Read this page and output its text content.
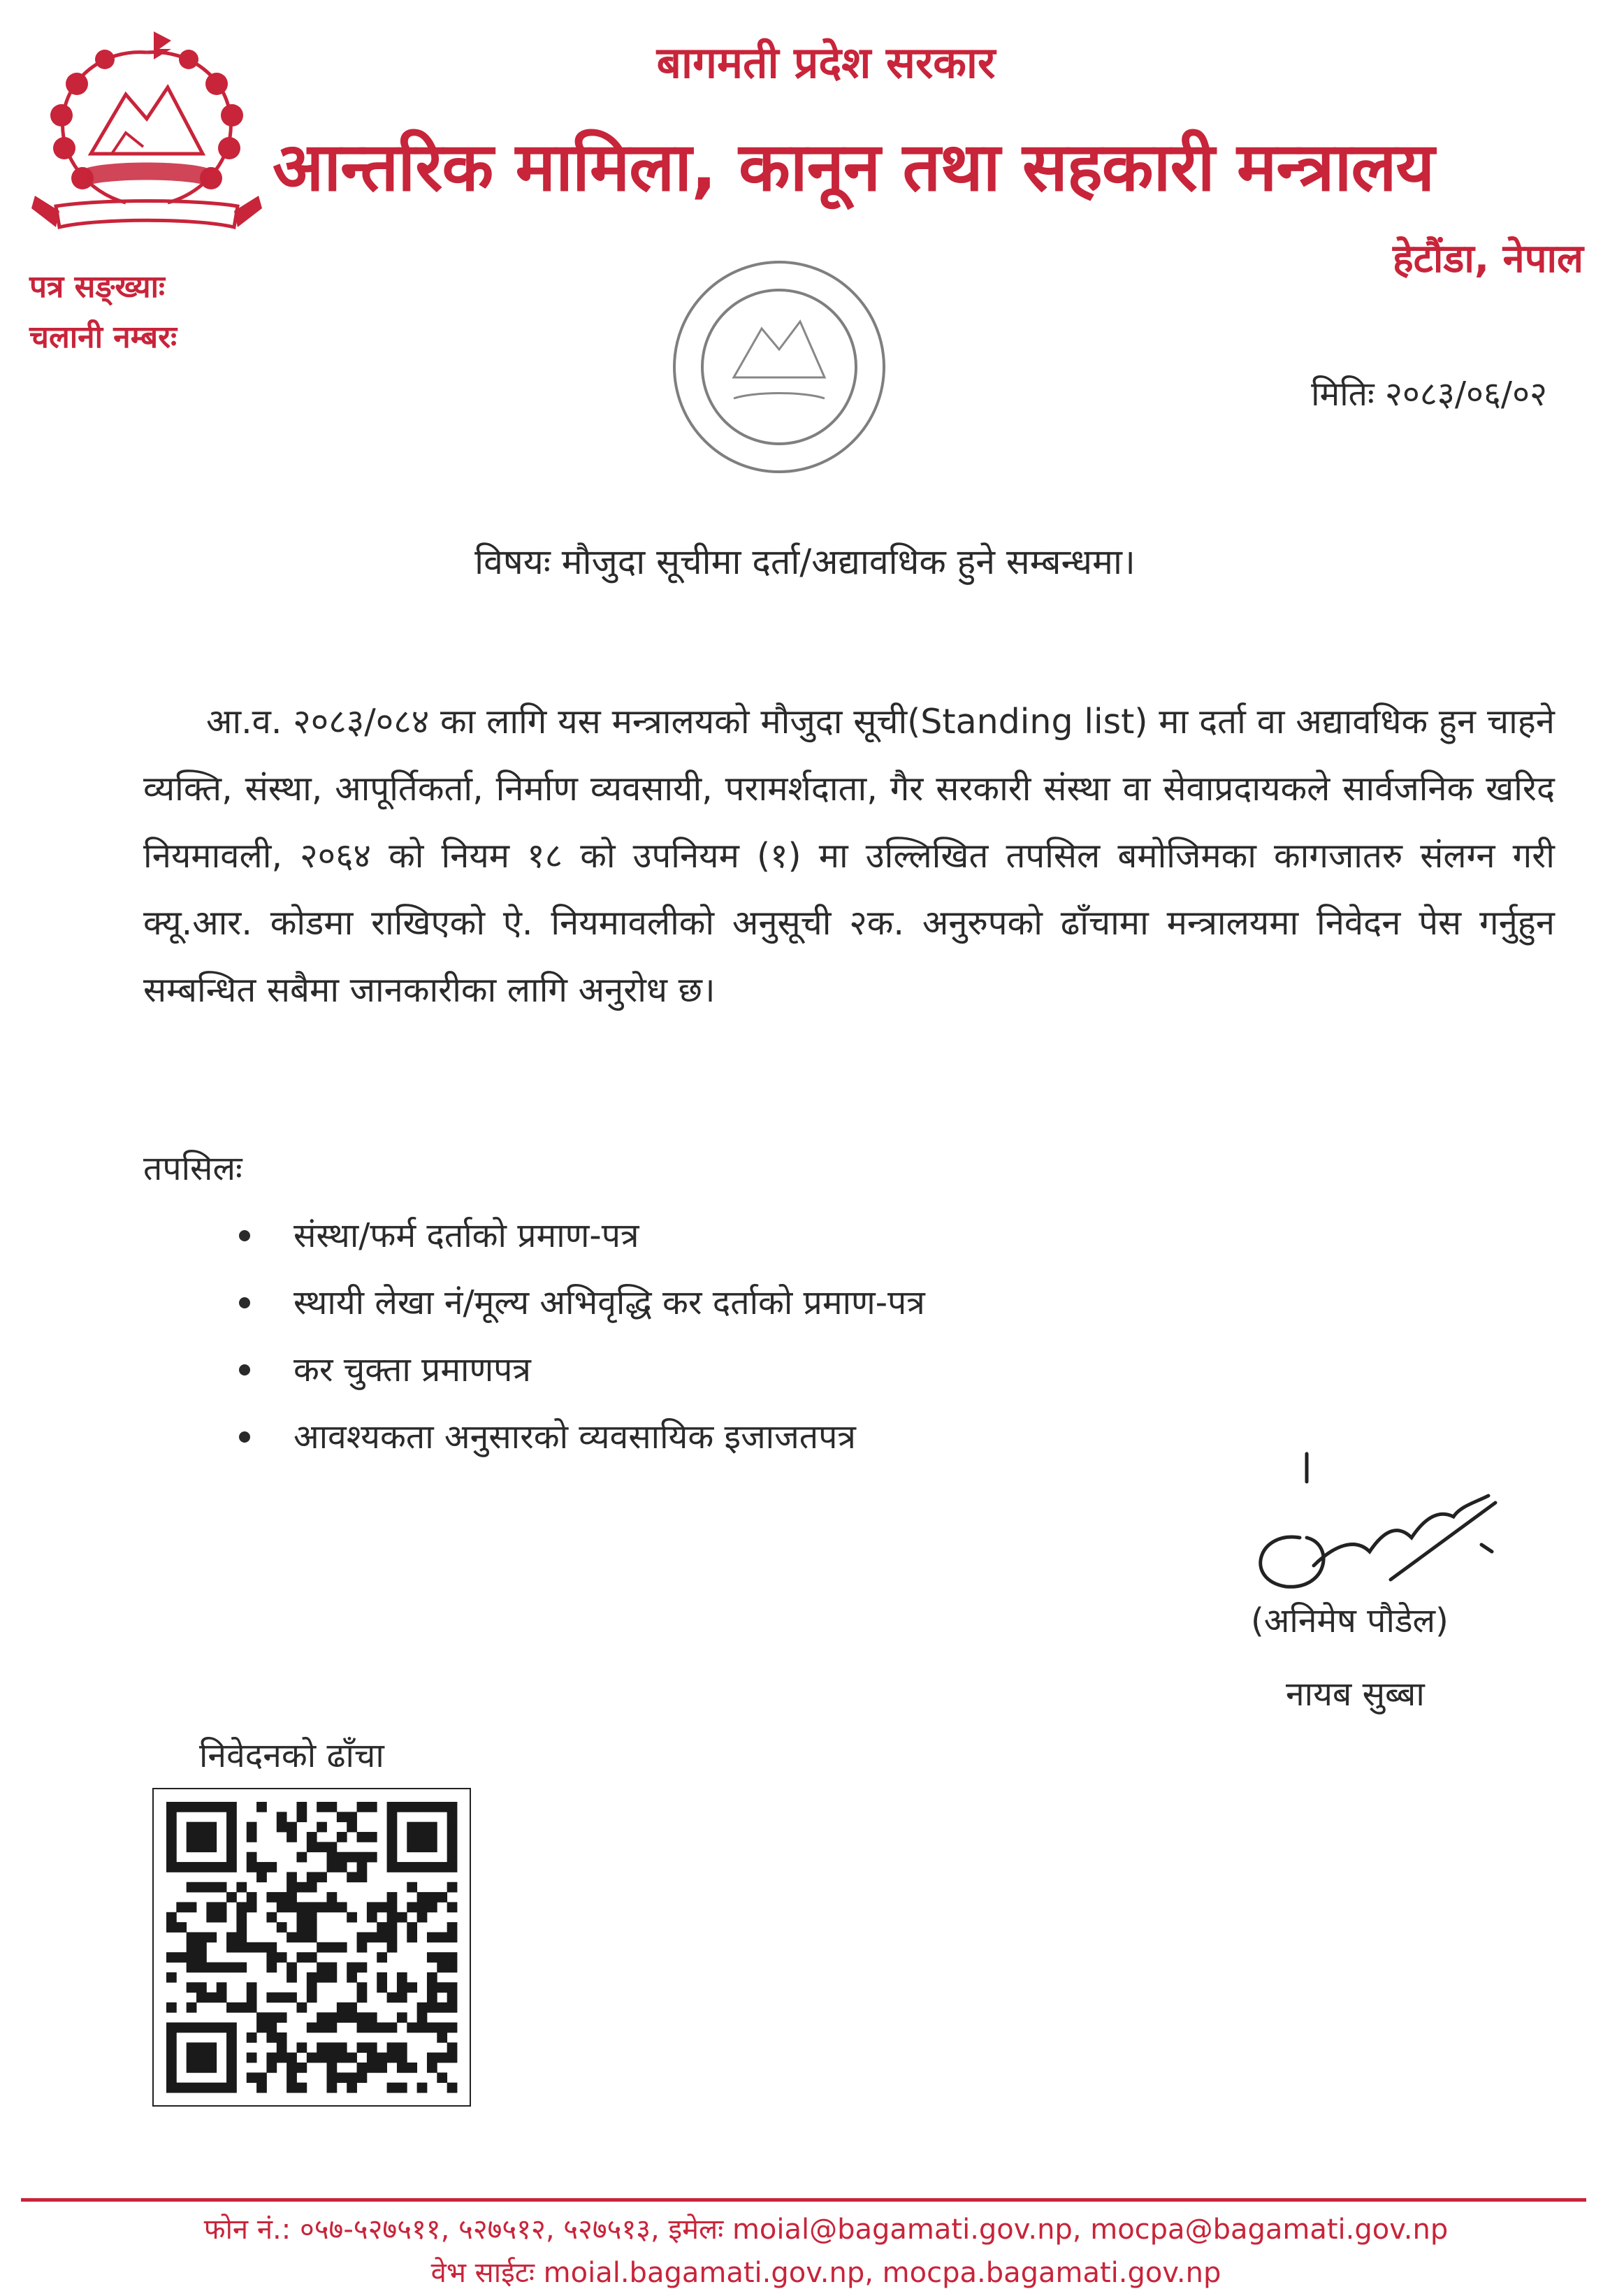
बागमती प्रदेश सरकार
आन्तरिक मामिला, कानून तथा सहकारी मन्त्रालय
हेटौंडा, नेपाल
पत्र सङ्ख्याः
चलानी नम्बरः
मितिः २०८३/०६/०२
विषयः मौजुदा सूचीमा दर्ता/अद्यावधिक हुने सम्बन्धमा।

आ.व. २०८३/०८४ का लागि यस मन्त्रालयको मौजुदा सूची(Standing list) मा दर्ता वा अद्यावधिक हुन चाहने व्यक्ति, संस्था, आपूर्तिकर्ता, निर्माण व्यवसायी, परामर्शदाता, गैर सरकारी संस्था वा सेवाप्रदायकले सार्वजनिक खरिद नियमावली, २०६४ को नियम १८ को उपनियम (१) मा उल्लिखित तपसिल बमोजिमका कागजातरु संलग्न गरी क्यू.आर. कोडमा राखिएको ऐ. नियमावलीको अनुसूची २क. अनुरुपको ढाँचामा मन्त्रालयमा निवेदन पेस गर्नुहुन सम्बन्धित सबैमा जानकारीका लागि अनुरोध छ।

तपसिलः
संस्था/फर्म दर्ताको प्रमाण-पत्र
स्थायी लेखा नं/मूल्य अभिवृद्धि कर दर्ताको प्रमाण-पत्र
कर चुक्ता प्रमाणपत्र
आवश्यकता अनुसारको व्यवसायिक इजाजतपत्र
(अनिमेष पौडेल)
नायब सुब्बा
निवेदनको ढाँचा
फोन नं.: ०५७-५२७५११, ५२७५१२, ५२७५१३, इमेलः moial@bagamati.gov.np, mocpa@bagamati.gov.np
वेभ साईटः moial.bagamati.gov.np, mocpa.bagamati.gov.np
